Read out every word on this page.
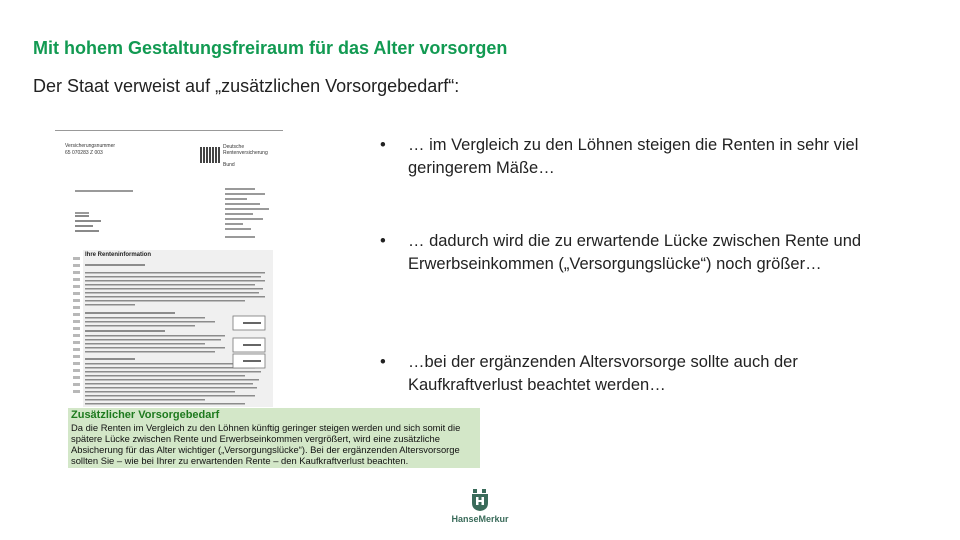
Mit hohem Gestaltungsfreiraum für das Alter vorsorgen
Der Staat verweist auf „zusätzlichen Vorsorgebedarf“:
Versicherungsnummer
65 070283 Z 003
Deutsche
Rentenversicherung

Bund
Ihre Renteninformation
Zusätzlicher Vorsorgebedarf
Da die Renten im Vergleich zu den Löhnen künftig geringer steigen werden und sich somit die spätere Lücke zwischen Rente und Erwerbseinkommen vergrößert, wird eine zusätzliche Absicherung für das Alter wichtiger („Versorgungslücke“). Bei der ergänzenden Altersvorsorge sollten Sie – wie bei Ihrer zu erwartenden Rente – den Kaufkraftverlust beachten.
• … im Vergleich zu den Löhnen steigen die Renten in sehr viel geringerem Mäße…
• … dadurch wird die zu erwartende Lücke zwischen Rente und Erwerbseinkommen („Versorgungslücke“) noch größer…
• …bei der ergänzenden Altersvorsorge sollte auch der Kaufkraftverlust beachtet werden…
HanseMerkur
